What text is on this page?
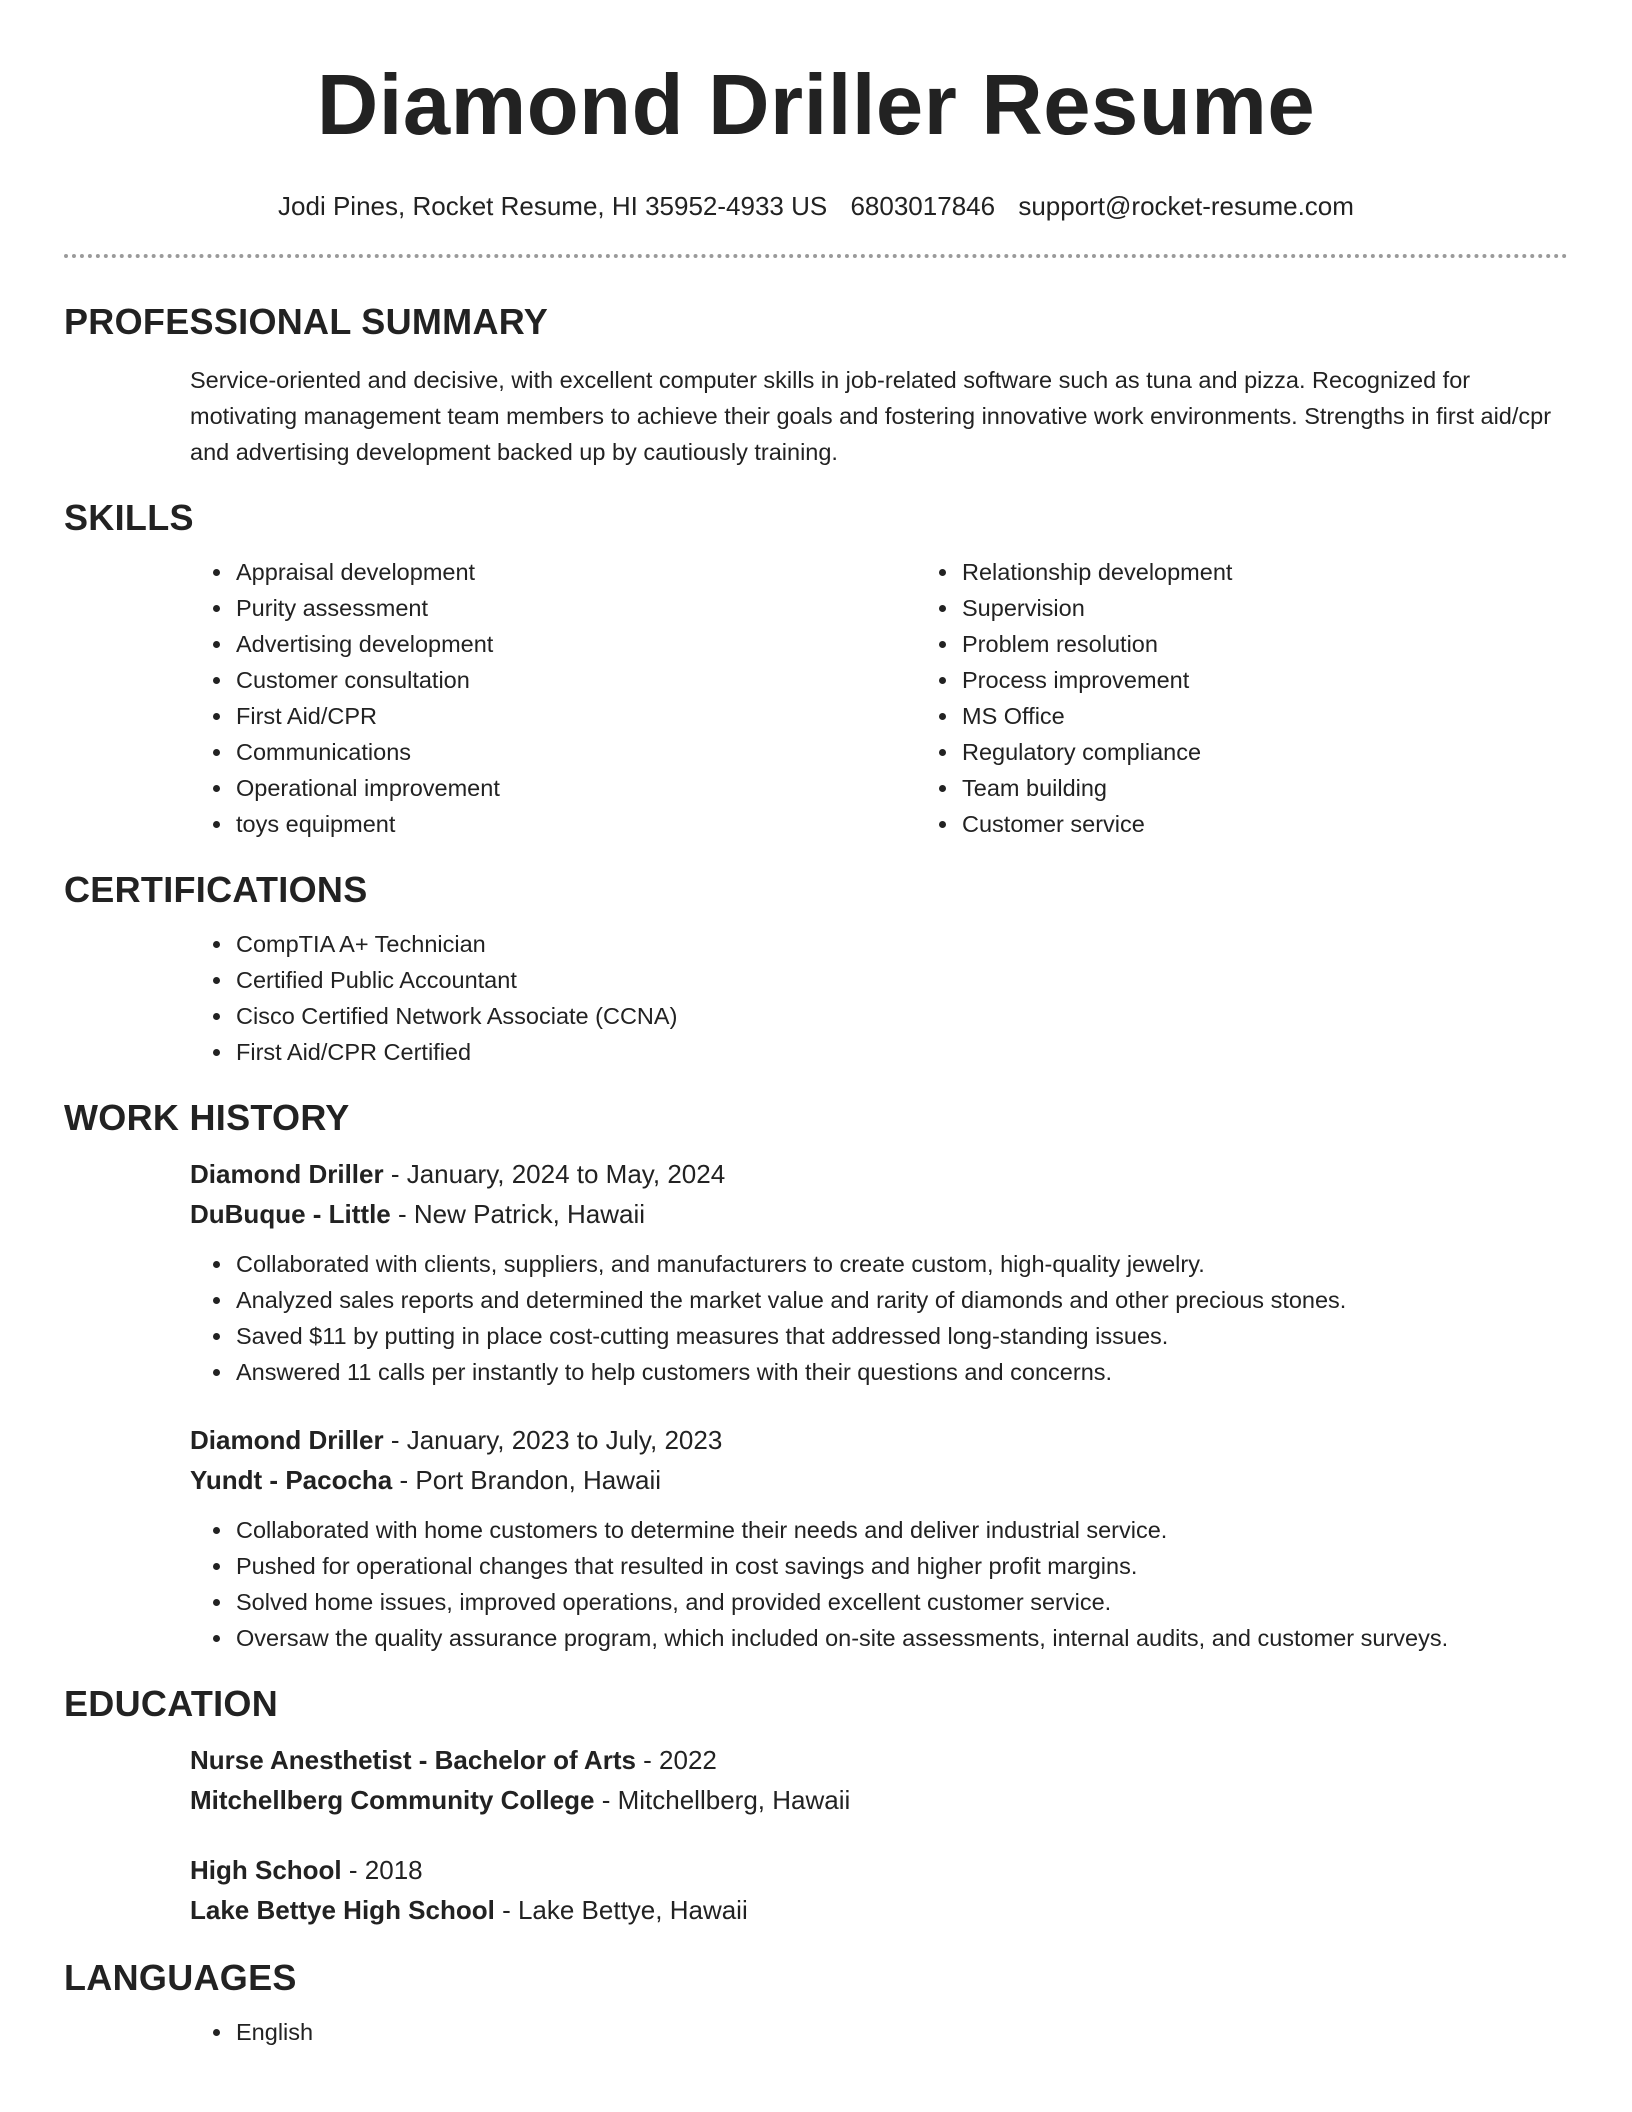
Diamond Driller Resume
Jodi Pines, Rocket Resume, HI 35952-4933 US 6803017846 support@rocket-resume.com
PROFESSIONAL SUMMARY

Service-oriented and decisive, with excellent computer skills in job-related software such as tuna and pizza. Recognized for motivating management team members to achieve their goals and fostering innovative work environments. Strengths in first aid/cpr and advertising development backed up by cautiously training.

SKILLS
• Appraisal development
• Purity assessment
• Advertising development
• Customer consultation
• First Aid/CPR
• Communications
• Operational improvement
• toys equipment
• Relationship development
• Supervision
• Problem resolution
• Process improvement
• MS Office
• Regulatory compliance
• Team building
• Customer service
CERTIFICATIONS
• CompTIA A+ Technician
• Certified Public Accountant
• Cisco Certified Network Associate (CCNA)
• First Aid/CPR Certified
WORK HISTORY
Diamond Driller - January, 2024 to May, 2024
DuBuque - Little - New Patrick, Hawaii
• Collaborated with clients, suppliers, and manufacturers to create custom, high-quality jewelry.
• Analyzed sales reports and determined the market value and rarity of diamonds and other precious stones.
• Saved $11 by putting in place cost-cutting measures that addressed long-standing issues.
• Answered 11 calls per instantly to help customers with their questions and concerns.
Diamond Driller - January, 2023 to July, 2023
Yundt - Pacocha - Port Brandon, Hawaii
• Collaborated with home customers to determine their needs and deliver industrial service.
• Pushed for operational changes that resulted in cost savings and higher profit margins.
• Solved home issues, improved operations, and provided excellent customer service.
• Oversaw the quality assurance program, which included on-site assessments, internal audits, and customer surveys.
EDUCATION
Nurse Anesthetist - Bachelor of Arts - 2022
Mitchellberg Community College - Mitchellberg, Hawaii
High School - 2018
Lake Bettye High School - Lake Bettye, Hawaii
LANGUAGES
• English
